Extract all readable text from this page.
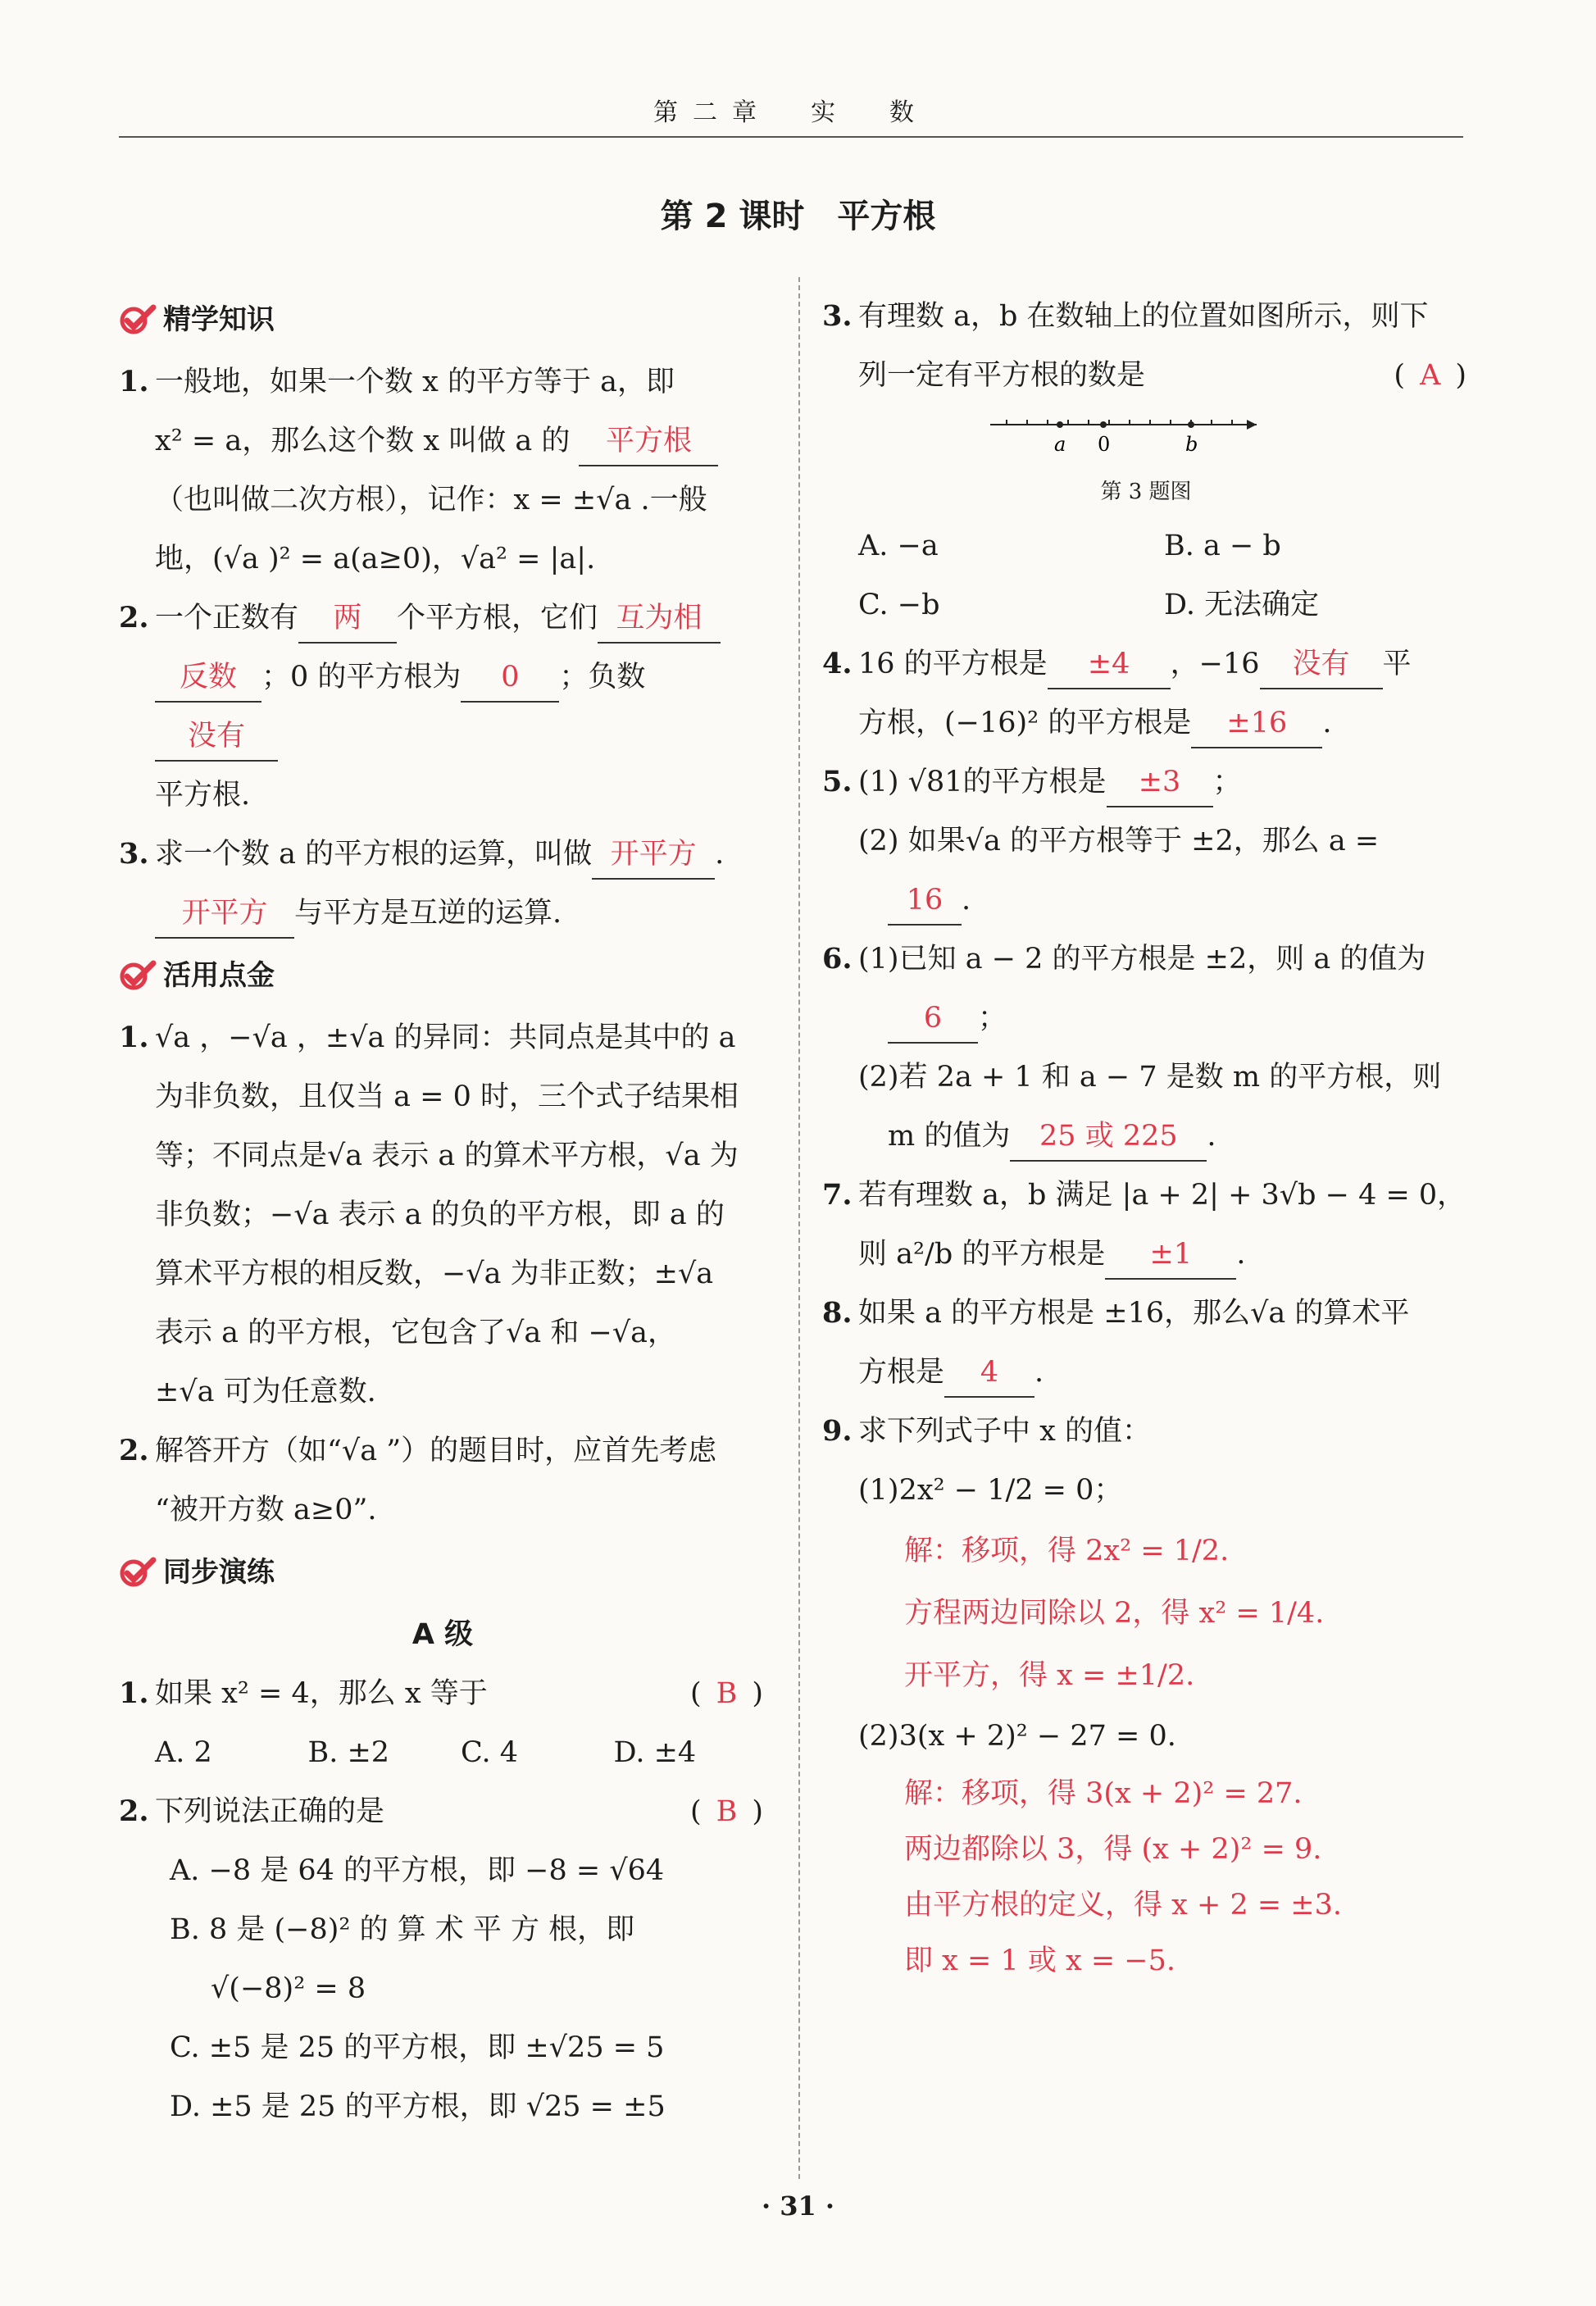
第二章　实　数
第 2 课时　平方根
精学知识
1. 一般地，如果一个数 x 的平方等于 a，即
x² = a，那么这个数 x 叫做 a 的 平方根
（也叫做二次方根），记作：x = ±√a .一般
地，(√a )² = a(a≥0)，√a² = |a|.
2. 一个正数有 两 个平方根，它们 互为相
反数 ；0 的平方根为 0 ；负数没有
平方根.
3. 求一个数 a 的平方根的运算，叫做 开平方 .
开平方 与平方是互逆的运算.
活用点金
1. √a ，−√a ，±√a 的异同：共同点是其中的 a
为非负数，且仅当 a = 0 时，三个式子结果相
等；不同点是√a 表示 a 的算术平方根，√a 为
非负数；−√a 表示 a 的负的平方根，即 a 的
算术平方根的相反数，−√a 为非正数；±√a
表示 a 的平方根，它包含了√a 和 −√a，
±√a 可为任意数.
2. 解答开方（如“√a ”）的题目时，应首先考虑
“被开方数 a≥0”.
同步演练
A 级
1. 如果 x² = 4，那么 x 等于	( B )
A. 2	B. ±2	C. 4	D. ±4
2. 下列说法正确的是	( B )
A. −8 是 64 的平方根，即 −8 = √64
B. 8 是 (−8)² 的 算 术 平 方 根，即
√(−8)² = 8
C. ±5 是 25 的平方根，即 ±√25 = 5
D. ±5 是 25 的平方根，即 √25 = ±5
3. 有理数 a，b 在数轴上的位置如图所示，则下
列一定有平方根的数是	( A )
a 0	b
第 3 题图
A. −a	B. a − b
C. −b	D. 无法确定
4. 16 的平方根是 ±4 ，−16 没有 平
方根，(−16)² 的平方根是 ±16 .
5. (1) √81的平方根是 ±3 ；
(2) 如果√a 的平方根等于 ±2，那么 a =
16 .
6. (1)已知 a − 2 的平方根是 ±2，则 a 的值为
6 ；
(2)若 2a + 1 和 a − 7 是数 m 的平方根，则
m 的值为 25 或 225 .
7. 若有理数 a，b 满足 |a + 2| + 3√b − 4 = 0，
则 a²/b 的平方根是 ±1 .
8. 如果 a 的平方根是 ±16，那么√a 的算术平
方根是 4 .
9. 求下列式子中 x 的值：
(1)2x² − 1/2 = 0；
解：移项，得 2x² = 1/2.
方程两边同除以 2，得 x² = 1/4.
开平方，得 x = ±1/2.
(2)3(x + 2)² − 27 = 0.
解：移项，得 3(x + 2)² = 27.
两边都除以 3，得 (x + 2)² = 9.
由平方根的定义，得 x + 2 = ±3.
即 x = 1 或 x = −5.
· 31 ·
